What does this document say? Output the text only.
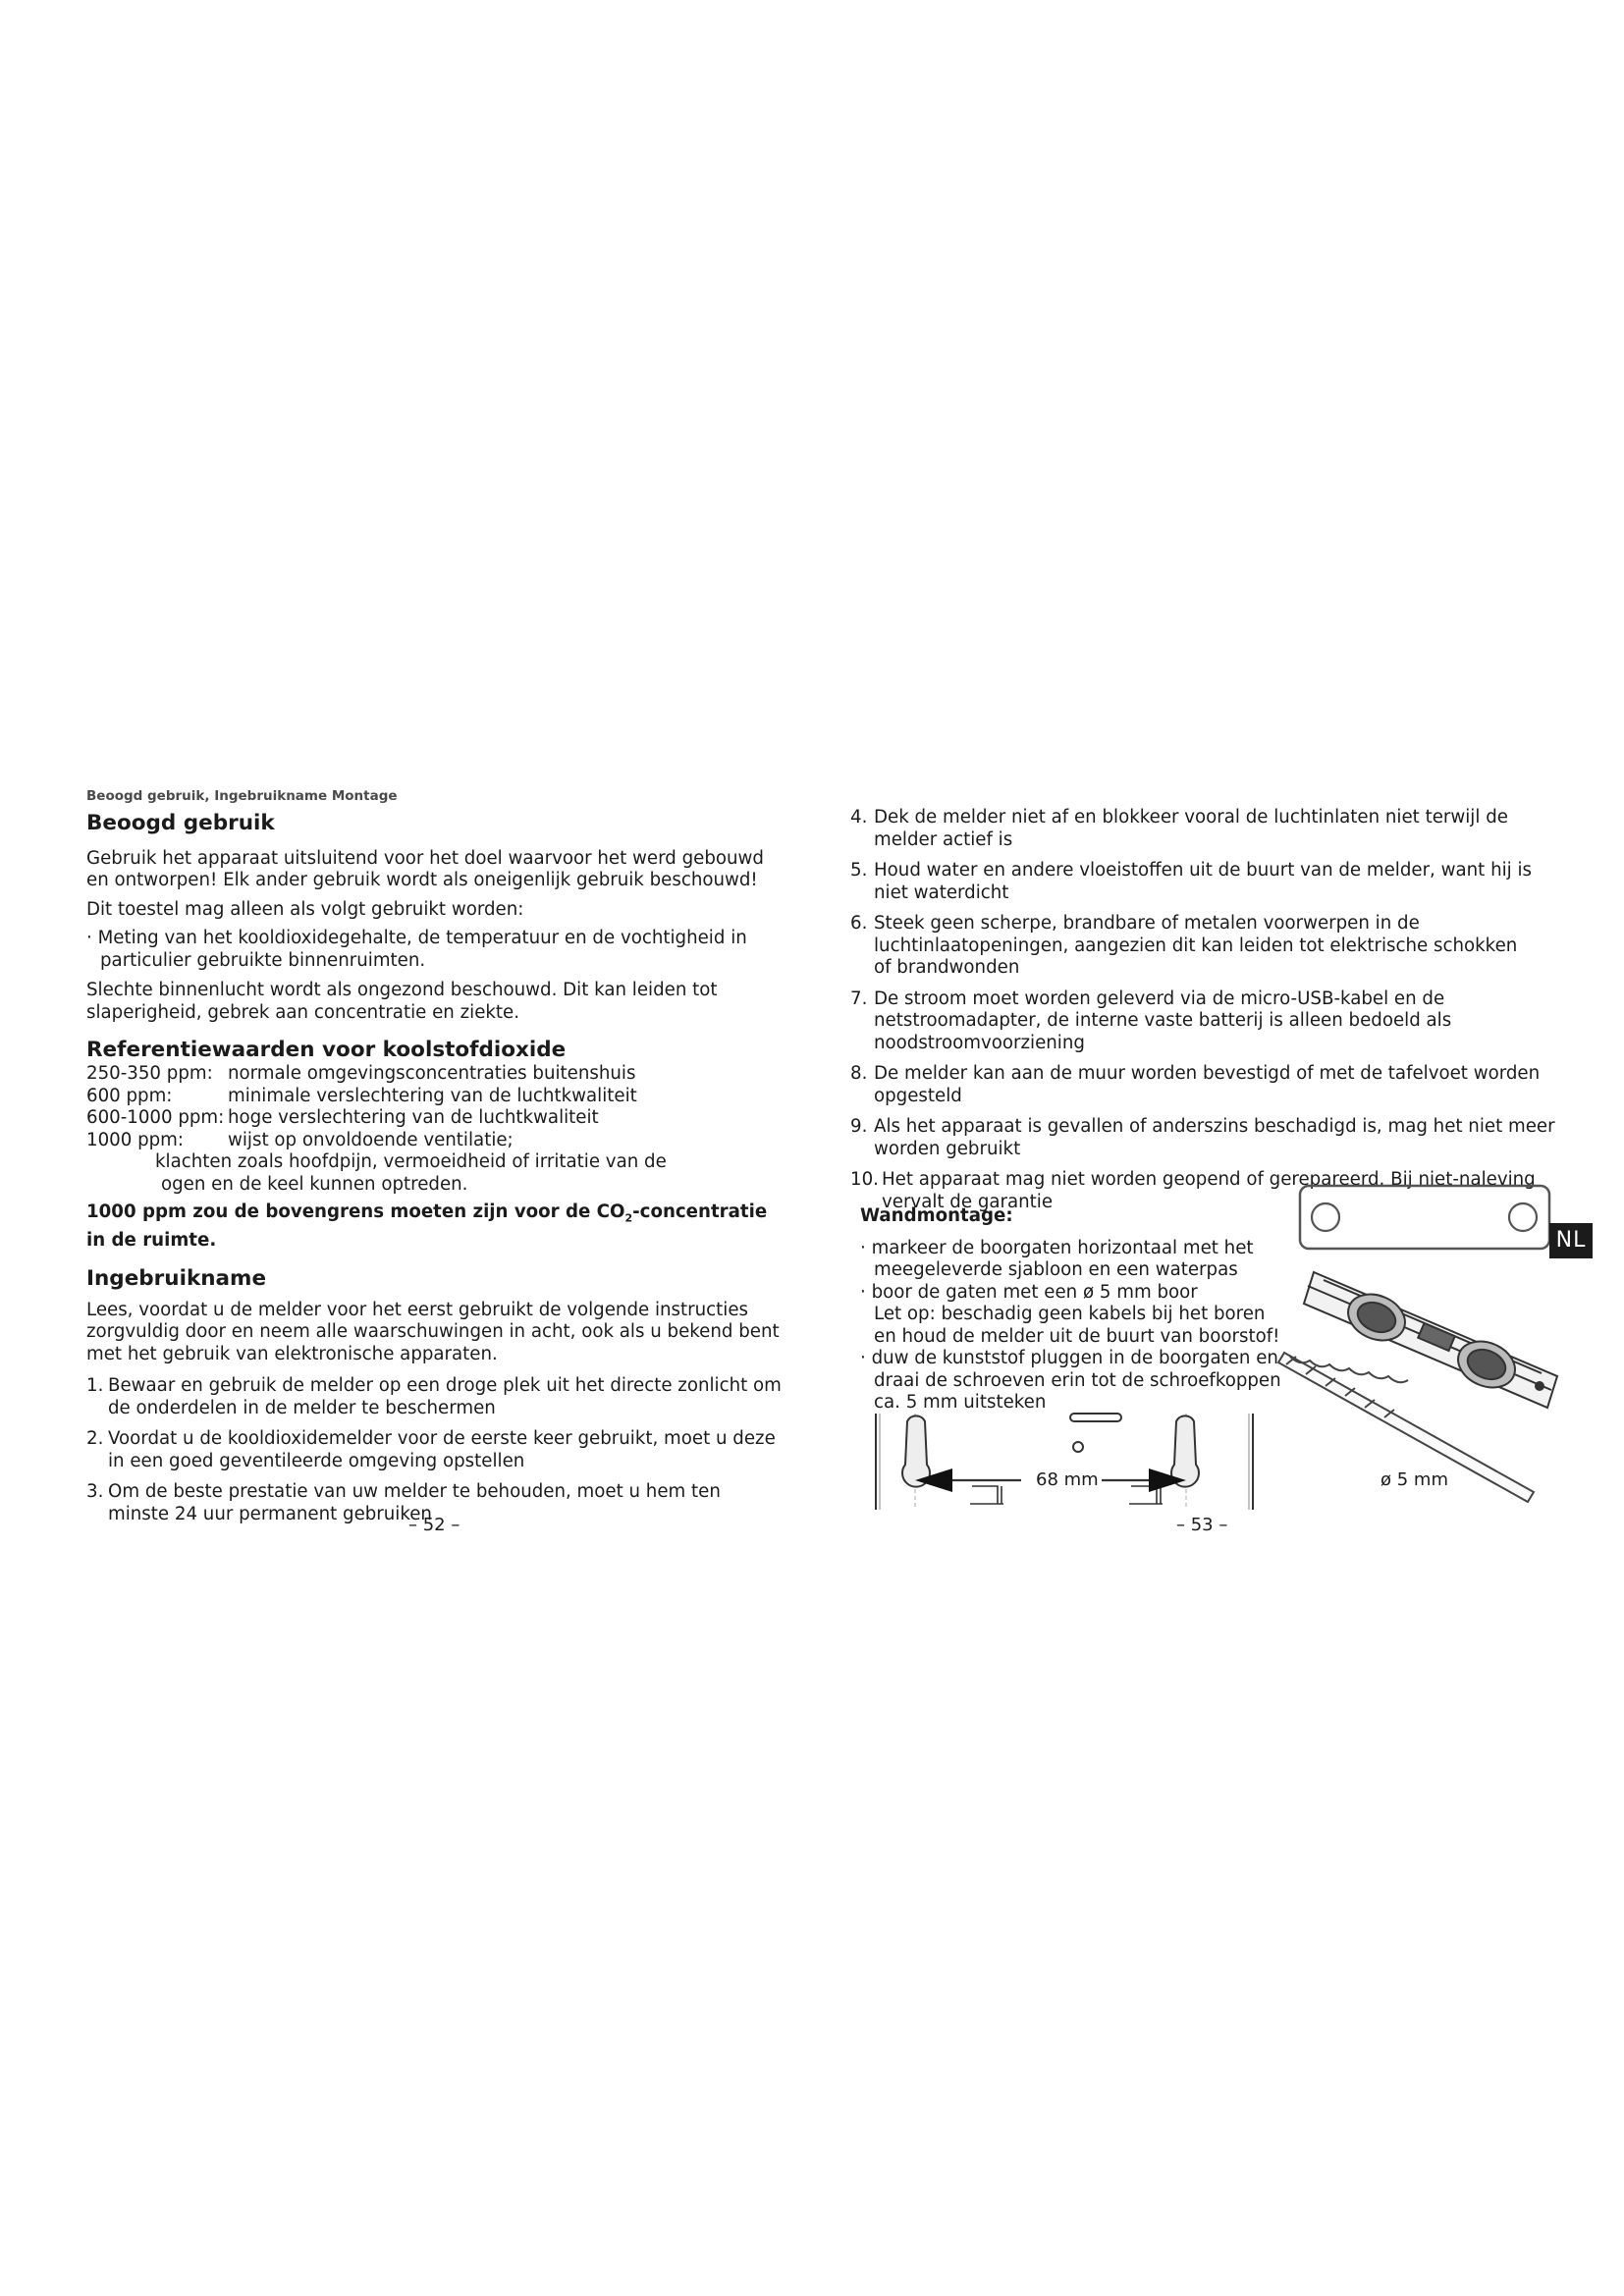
Beoogd gebruik, Ingebruikname Montage
Beoogd gebruik

Gebruik het apparaat uitsluitend voor het doel waarvoor het werd gebouwd en ontworpen! Elk ander gebruik wordt als oneigenlijk gebruik beschouwd!

Dit toestel mag alleen als volgt gebruikt worden:

· Meting van het kooldioxidegehalte, de temperatuur en de vochtigheid in particulier gebruikte binnenruimten.

Slechte binnenlucht wordt als ongezond beschouwd. Dit kan leiden tot slaperigheid, gebrek aan concentratie en ziekte.

Referentiewaarden voor koolstofdioxide
250-350 ppm: normale omgevingsconcentraties buitenshuis
600 ppm:	minimale verslechtering van de luchtkwaliteit
600-1000 ppm: hoge verslechtering van de luchtkwaliteit
1000 ppm:	wijst op onvoldoende ventilatie;

klachten zoals hoofdpijn, vermoeidheid of irritatie van de

ogen en de keel kunnen optreden.

1000 ppm zou de bovengrens moeten zijn voor de $CO_2$-concentratie in de ruimte.

Ingebruikname

Lees, voordat u de melder voor het eerst gebruikt de volgende instructies zorgvuldig door en neem alle waarschuwingen in acht, ook als u bekend bent met het gebruik van elektronische apparaten.

1. Bewaar en gebruik de melder op een droge plek uit het directe zonlicht om de onderdelen in de melder te beschermen
2. Voordat u de kooldioxidemelder voor de eerste keer gebruikt, moet u deze in een goed geventileerde omgeving opstellen
3. Om de beste prestatie van uw melder te behouden, moet u hem ten minste 24 uur permanent gebruiken
– 52 –
4. Dek de melder niet af en blokkeer vooral de luchtinlaten niet terwijl de melder actief is
5. Houd water en andere vloeistoffen uit de buurt van de melder, want hij is niet waterdicht
6. Steek geen scherpe, brandbare of metalen voorwerpen in de luchtinlaatopeningen, aangezien dit kan leiden tot elektrische schokken of brandwonden
7. De stroom moet worden geleverd via de micro-USB-kabel en de netstroomadapter, de interne vaste batterij is alleen bedoeld als noodstroomvoorziening
8. De melder kan aan de muur worden bevestigd of met de tafelvoet worden opgesteld
9. Als het apparaat is gevallen of anderszins beschadigd is, mag het niet meer worden gebruikt
10. Het apparaat mag niet worden geopend of gerepareerd. Bij niet-naleving vervalt de garantie
Wandmontage:

· markeer de boorgaten horizontaal met het meegeleverde sjabloon en een waterpas

· boor de gaten met een ø 5 mm boor
Let op: beschadig geen kabels bij het boren en houd de melder uit de buurt van boorstof!

· duw de kunststof pluggen in de boorgaten en draai de schroeven erin tot de schroefkoppen ca. 5 mm uitsteken

NL
ø 5 mm
68 mm
– 53 –
